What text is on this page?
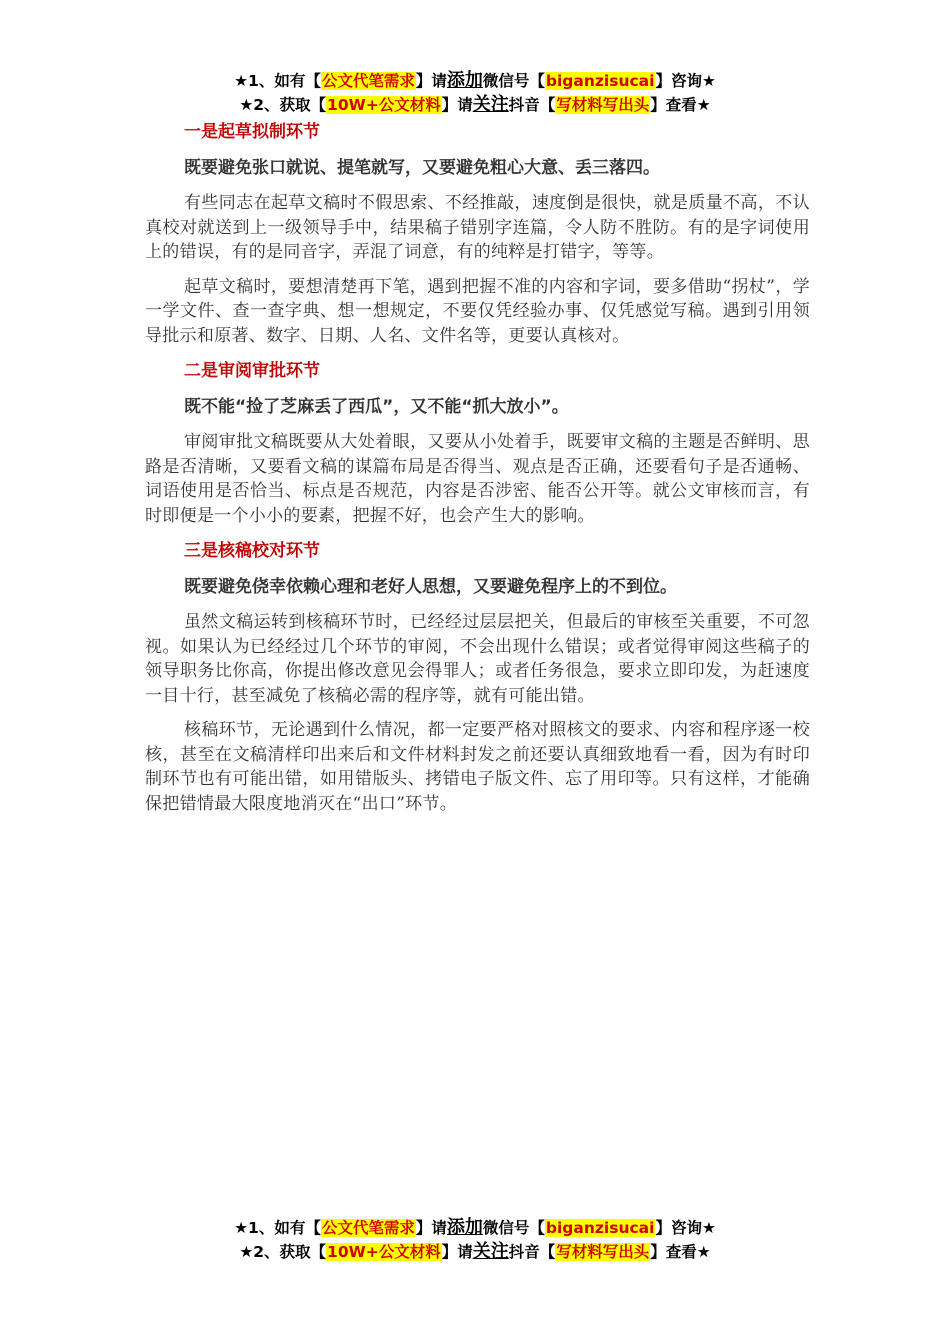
★1、如有【公文代笔需求】请添加微信号【biganzisucai】咨询★
★2、获取【10W+公文材料】请关注抖音【写材料写出头】查看★
一是起草拟制环节
既要避免张口就说、提笔就写，又要避免粗心大意、丢三落四。

有些同志在起草文稿时不假思索、不经推敲，速度倒是很快，就是质量不高，不认真校对就送到上一级领导手中，结果稿子错别字连篇，令人防不胜防。有的是字词使用上的错误，有的是同音字，弄混了词意，有的纯粹是打错字，等等。

起草文稿时，要想清楚再下笔，遇到把握不准的内容和字词，要多借助“拐杖”，学一学文件、查一查字典、想一想规定，不要仅凭经验办事、仅凭感觉写稿。遇到引用领导批示和原著、数字、日期、人名、文件名等，更要认真核对。

二是审阅审批环节
既不能“捡了芝麻丢了西瓜”，又不能“抓大放小”。

审阅审批文稿既要从大处着眼，又要从小处着手，既要审文稿的主题是否鲜明、思路是否清晰，又要看文稿的谋篇布局是否得当、观点是否正确，还要看句子是否通畅、词语使用是否恰当、标点是否规范，内容是否涉密、能否公开等。就公文审核而言，有时即便是一个小小的要素，把握不好，也会产生大的影响。

三是核稿校对环节
既要避免侥幸依赖心理和老好人思想，又要避免程序上的不到位。

虽然文稿运转到核稿环节时，已经经过层层把关，但最后的审核至关重要，不可忽视。如果认为已经经过几个环节的审阅，不会出现什么错误；或者觉得审阅这些稿子的领导职务比你高，你提出修改意见会得罪人；或者任务很急，要求立即印发，为赶速度一目十行，甚至减免了核稿必需的程序等，就有可能出错。

核稿环节，无论遇到什么情况，都一定要严格对照核文的要求、内容和程序逐一校核，甚至在文稿清样印出来后和文件材料封发之前还要认真细致地看一看，因为有时印制环节也有可能出错，如用错版头、拷错电子版文件、忘了用印等。只有这样，才能确保把错情最大限度地消灭在“出口”环节。

★1、如有【公文代笔需求】请添加微信号【biganzisucai】咨询★
★2、获取【10W+公文材料】请关注抖音【写材料写出头】查看★
